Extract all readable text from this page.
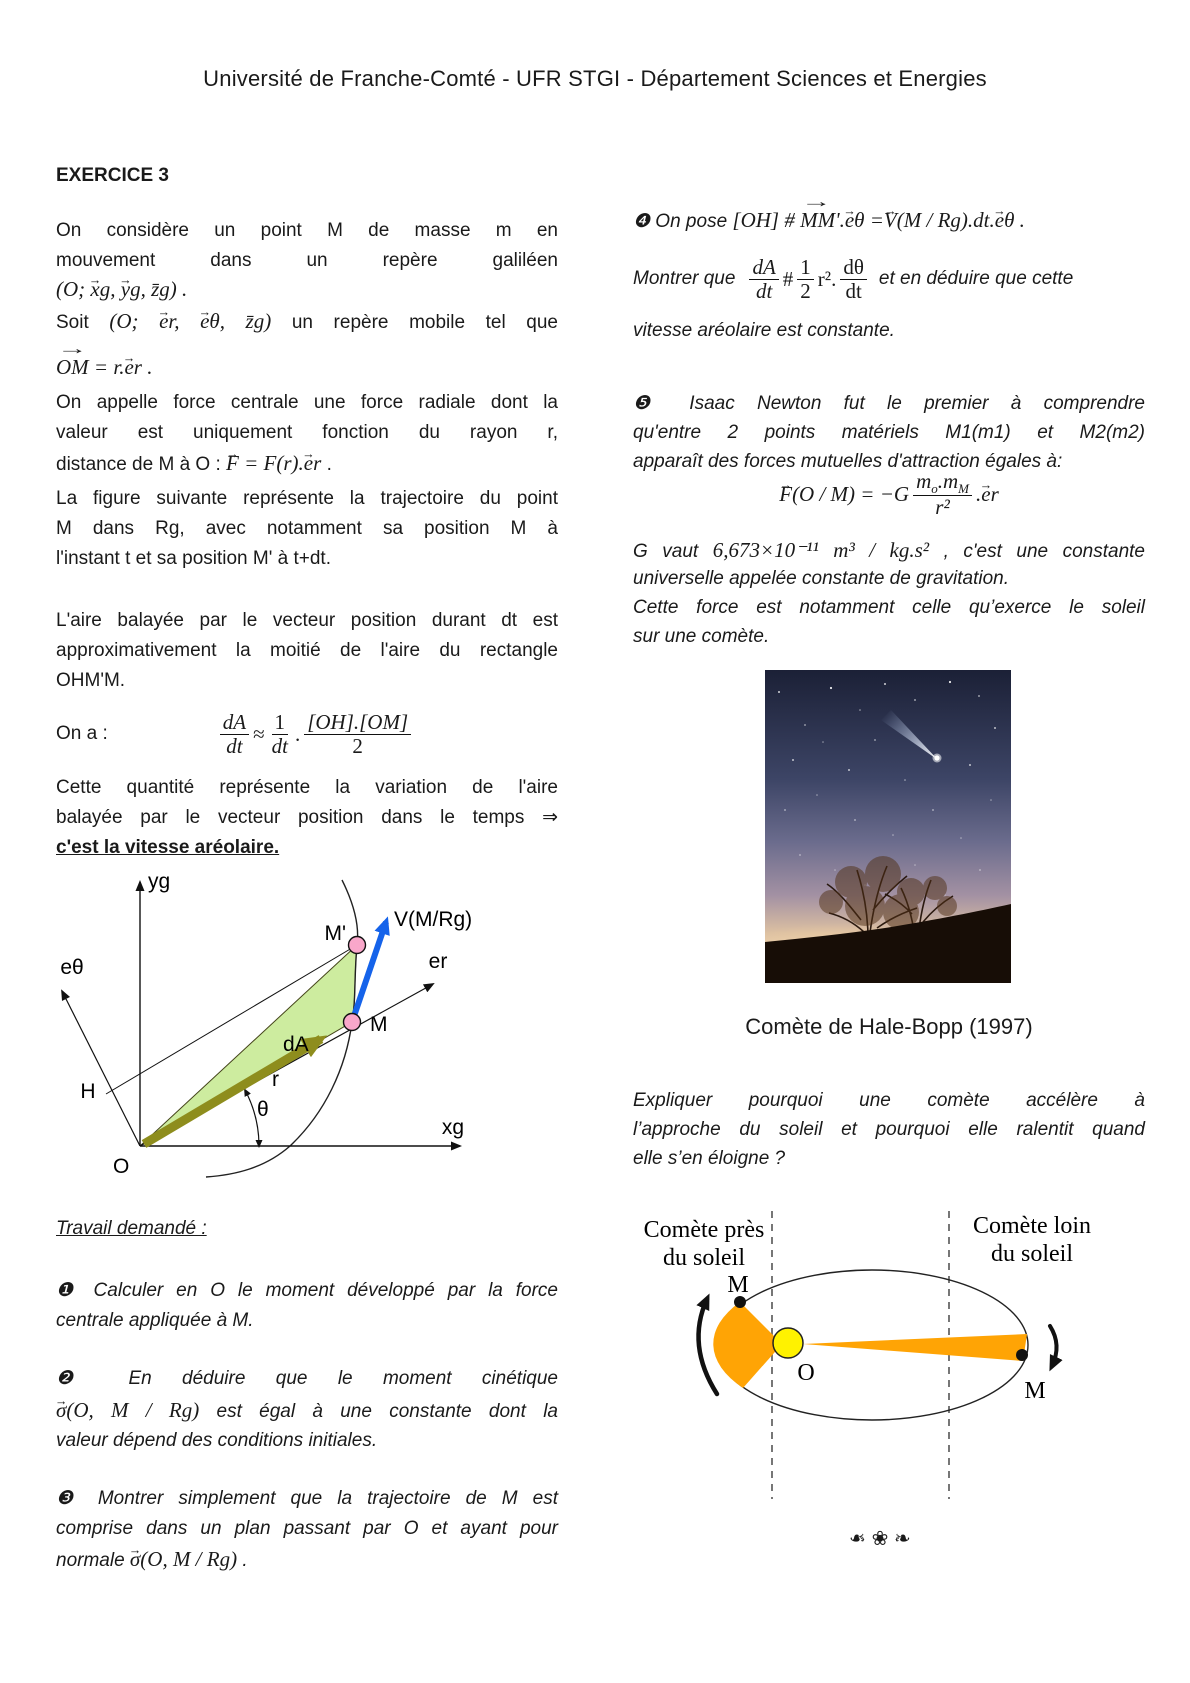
Université de Franche-Comté - UFR STGI - Département Sciences et Energies
EXERCICE 3
On considère un point M de masse m en
mouvement dans un repère galiléen
(O; x →g, y →g, z̄g) .
Soit (O; e →r, e →θ, z̄g) un repère mobile tel que
→
OM = r.e →r .
On appelle force centrale une force radiale dont la
valeur est uniquement fonction du rayon r,
distance de M à O : F → = F(r).e →r .
La figure suivante représente la trajectoire du point
M dans Rg, avec notamment sa position M à
l'instant t et sa position M' à t+dt.
L'aire balayée par le vecteur position durant dt est
approximativement la moitié de l'aire du rectangle
OHM'M.
On a :	$\frac{dA}{dt} \approx \frac{1}{dt}$ . $\frac{[OH].[OM]}{2}$
Cette quantité représente la variation de l'aire
balayée par le vecteur position dans le temps ⇒
c'est la vitesse aréolaire.
Travail demandé :
❶ Calculer en O le moment développé par la force
centrale appliquée à M.
❷ En déduire que le moment cinétique
σ →(O, M / Rg) est égal à une constante dont la
valeur dépend des conditions initiales.
❸ Montrer simplement que la trajectoire de M est
comprise dans un plan passant par O et ayant pour
normale σ →(O, M / Rg) .
yg
xg
eθ	er
H
O
M'
M
dA
r
θ
V(M/Rg)
❹ On pose [OH] #
→
MM'.e →θ =V →(M / Rg).dt.e →θ .
Montrer que $\frac{dA}{dt}$ # $\frac{1}{2} r^2$. $\frac{d\theta}{dt}$ et en déduire que cette
vitesse aréolaire est constante.
❺ Isaac Newton fut le premier à comprendre
qu'entre 2 points matériels M1(m1) et M2(m2)
apparaît des forces mutuelles d'attraction égales à:
$F \to(O / M) = -G \frac{m_o.m_M}{\text{r²}} .e \to r$
G vaut 6,673×10⁻¹¹ m³ / kg.s² , c'est une constante
universelle appelée constante de gravitation.
Cette force est notamment celle qu’exerce le soleil
sur une comète.
Comète de Hale-Bopp (1997)
Expliquer pourquoi une comète accélère à
l’approche du soleil et pourquoi elle ralentit quand
elle s’en éloigne ?
Comète près
du soleil
Comète loin
du soleil
M
M
O
❧ ❀ ❧
